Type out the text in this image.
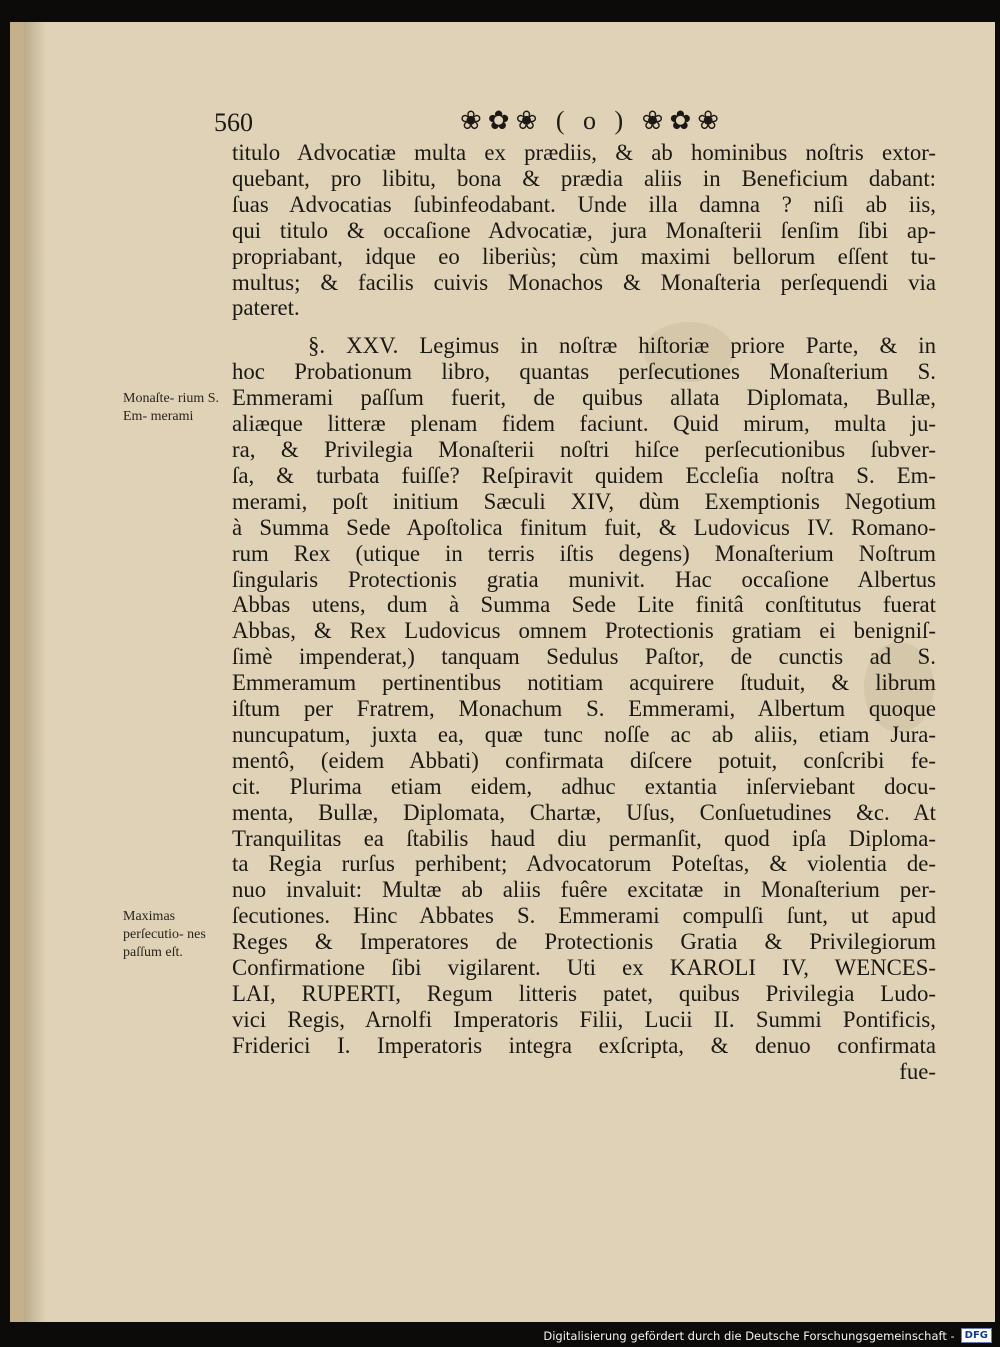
560	❀✿❀ ( o ) ❀✿❀
titulo Advocatiæ multa ex prædiis, & ab hominibus noſtris extor-
quebant, pro libitu, bona & prædia aliis in Beneficium dabant:
ſuas Advocatias ſubinfeodabant. Unde illa damna ? niſi ab iis,
qui titulo & occaſione Advocatiæ, jura Monaſterii ſenſim ſibi ap-
propriabant, idque eo liberiùs; cùm maximi bellorum eſſent tu-
multus; & facilis cuivis Monachos & Monaſteria perſequendi via
pateret.
§. XXV. Legimus in noſtræ hiſtoriæ priore Parte, & in
hoc Probationum libro, quantas perſecutiones Monaſterium S.
Emmerami paſſum fuerit, de quibus allata Diplomata, Bullæ,
aliæque litteræ plenam fidem faciunt. Quid mirum, multa ju-
ra, & Privilegia Monaſterii noſtri hiſce perſecutionibus ſubver-
ſa, & turbata fuiſſe? Reſpiravit quidem Eccleſia noſtra S. Em-
merami, poſt initium Sæculi XIV, dùm Exemptionis Negotium
à Summa Sede Apoſtolica finitum fuit, & Ludovicus IV. Romano-
rum Rex (utique in terris iſtis degens) Monaſterium Noſtrum
ſingularis Protectionis gratia munivit. Hac occaſione Albertus
Abbas utens, dum à Summa Sede Lite finitâ conſtitutus fuerat
Abbas, & Rex Ludovicus omnem Protectionis gratiam ei benigniſ-
ſimè impenderat,) tanquam Sedulus Paſtor, de cunctis ad S.
Emmeramum pertinentibus notitiam acquirere ſtuduit, & librum
iſtum per Fratrem, Monachum S. Emmerami, Albertum quoque
nuncupatum, juxta ea, quæ tunc noſſe ac ab aliis, etiam Jura-
mentô, (eidem Abbati) confirmata diſcere potuit, conſcribi fe-
cit. Plurima etiam eidem, adhuc extantia inſerviebant docu-
menta, Bullæ, Diplomata, Chartæ, Uſus, Conſuetudines &c. At
Tranquilitas ea ſtabilis haud diu permanſit, quod ipſa Diploma-
ta Regia rurſus perhibent; Advocatorum Poteſtas, & violentia de-
nuo invaluit: Multæ ab aliis fuêre excitatæ in Monaſterium per-
ſecutiones. Hinc Abbates S. Emmerami compulſi ſunt, ut apud
Reges & Imperatores de Protectionis Gratia & Privilegiorum
Confirmatione ſibi vigilarent. Uti ex KAROLI IV, WENCES-
LAI, RUPERTI, Regum litteris patet, quibus Privilegia Ludo-
vici Regis, Arnolfi Imperatoris Filii, Lucii II. Summi Pontificis,
Friderici I. Imperatoris integra exſcripta, & denuo confirmata
fue-
Monaſte- rium S. Em- merami
Maximas perſecutio- nes paſſum eſt.
Digitalisierung gefördert durch die Deutsche Forschungsgemeinschaft -	DFG
